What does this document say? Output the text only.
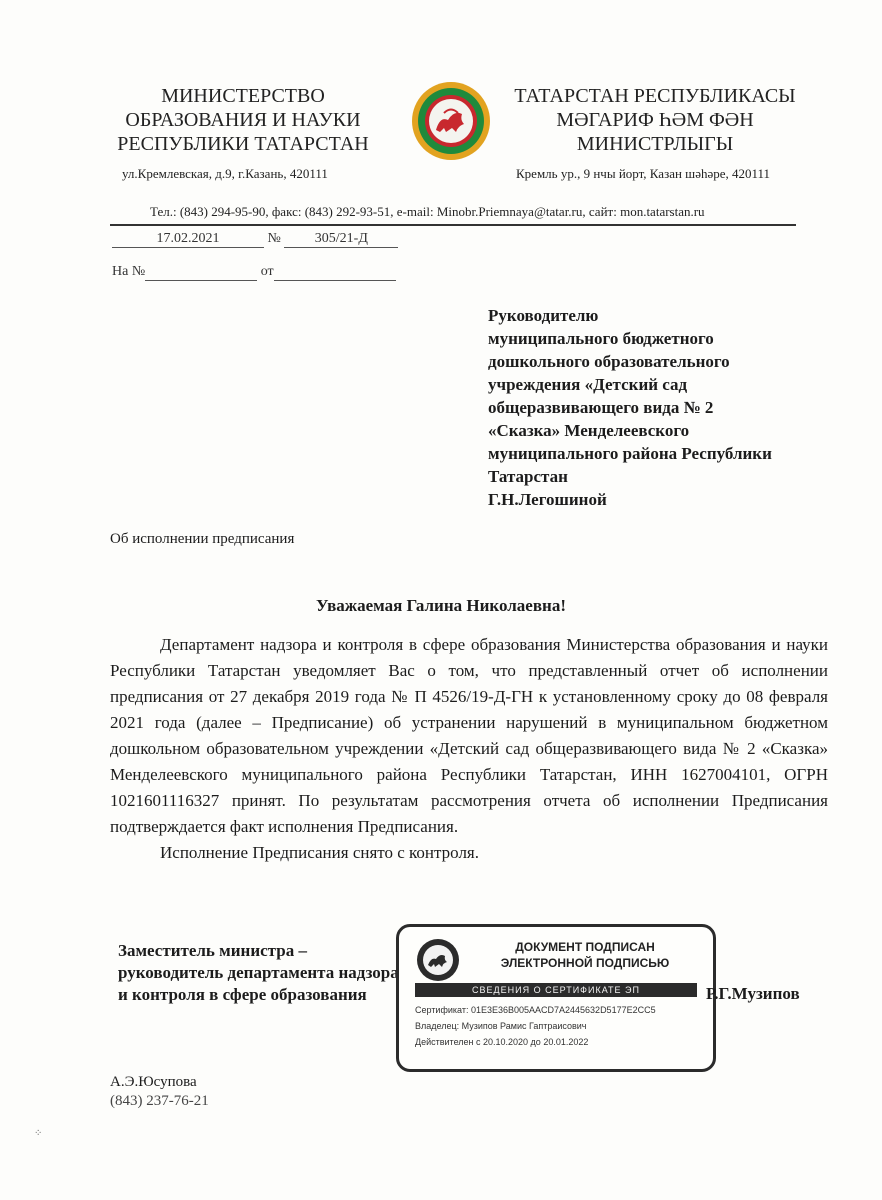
МИНИСТЕРСТВО
ОБРАЗОВАНИЯ И НАУКИ
РЕСПУБЛИКИ ТАТАРСТАН
ТАТАРСТАН РЕСПУБЛИКАСЫ
МӘГАРИФ ҺӘМ ФӘН
МИНИСТРЛЫГЫ
ул.Кремлевская, д.9, г.Казань, 420111	Кремль ур., 9 нчы йорт, Казан шәһәре, 420111
Тел.: (843) 294-95-90, факс: (843) 292-93-51, e-mail: Minobr.Priemnaya@tatar.ru, сайт: mon.tatarstan.ru
17.02.2021	№ 305/21-Д
На №	от
Руководителю
муниципального бюджетного
дошкольного образовательного
учреждения «Детский сад
общеразвивающего вида № 2
«Сказка» Менделеевского
муниципального района Республики
Татарстан
Г.Н.Легошиной
Об исполнении предписания
Уважаемая Галина Николаевна!

Департамент надзора и контроля в сфере образования Министерства образования и науки Республики Татарстан уведомляет Вас о том, что представленный отчет об исполнении предписания от 27 декабря 2019 года № П 4526/19-Д-ГН к установленному сроку до 08 февраля 2021 года (далее – Предписание) об устранении нарушений в муниципальном бюджетном дошкольном образовательном учреждении «Детский сад общеразвивающего вида № 2 «Сказка» Менделеевского муниципального района Республики Татарстан, ИНН 1627004101, ОГРН 1021601116327 принят. По результатам рассмотрения отчета об исполнении Предписания подтверждается факт исполнения Предписания.

Исполнение Предписания снято с контроля.

Заместитель министра –
руководитель департамента надзора
и контроля в сфере образования
ДОКУМЕНТ ПОДПИСАН
ЭЛЕКТРОННОЙ ПОДПИСЬЮ
СВЕДЕНИЯ О СЕРТИФИКАТЕ ЭП
Сертификат: 01E3E36B005AACD7A2445632D5177E2CC5
Владелец: Музипов Рамис Гаптраисович
Действителен с 20.10.2020 до 20.01.2022
Р.Г.Музипов
А.Э.Юсупова
(843) 237-76-21
⁘
